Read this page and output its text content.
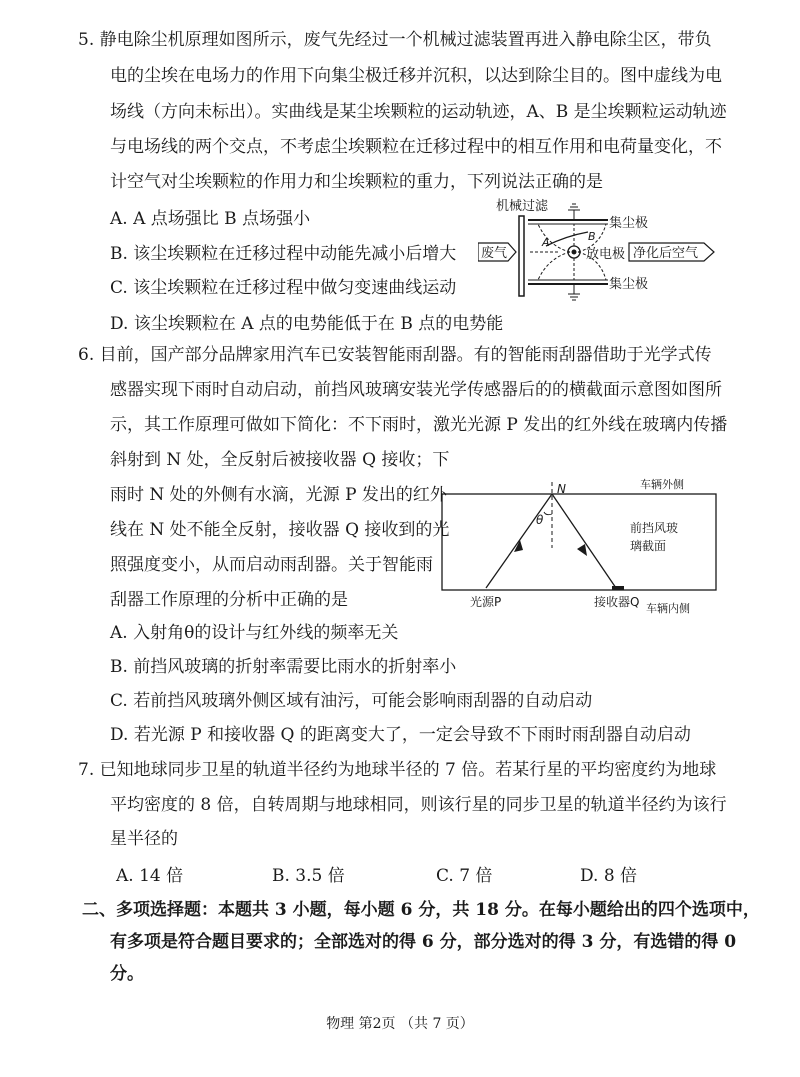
5. 静电除尘机原理如图所示，废气先经过一个机械过滤装置再进入静电除尘区，带负
电的尘埃在电场力的作用下向集尘极迁移并沉积，以达到除尘目的。图中虚线为电
场线（方向未标出）。实曲线是某尘埃颗粒的运动轨迹，A、B 是尘埃颗粒运动轨迹
与电场线的两个交点，不考虑尘埃颗粒在迁移过程中的相互作用和电荷量变化，不
计空气对尘埃颗粒的作用力和尘埃颗粒的重力，下列说法正确的是
A. A 点场强比 B 点场强小
B. 该尘埃颗粒在迁移过程中动能先减小后增大
C. 该尘埃颗粒在迁移过程中做匀变速曲线运动
D. 该尘埃颗粒在 A 点的电势能低于在 B 点的电势能
机械过滤
集尘极
集尘极
A	B
放电极
废气	净化后空气
6. 目前，国产部分品牌家用汽车已安装智能雨刮器。有的智能雨刮器借助于光学式传
感器实现下雨时自动启动，前挡风玻璃安装光学传感器后的的横截面示意图如图所
示，其工作原理可做如下简化：不下雨时，激光光源 P 发出的红外线在玻璃内传播
斜射到 N 处，全反射后被接收器 Q 接收；下
雨时 N 处的外侧有水滴，光源 P 发出的红外
线在 N 处不能全反射，接收器 Q 接收到的光
照强度变小，从而启动雨刮器。关于智能雨
刮器工作原理的分析中正确的是
N
θ
车辆外侧
前挡风玻
璃截面
光源P	接收器Q 车辆内侧
A. 入射角θ的设计与红外线的频率无关
B. 前挡风玻璃的折射率需要比雨水的折射率小
C. 若前挡风玻璃外侧区域有油污，可能会影响雨刮器的自动启动
D. 若光源 P 和接收器 Q 的距离变大了，一定会导致不下雨时雨刮器自动启动
7. 已知地球同步卫星的轨道半径约为地球半径的 7 倍。若某行星的平均密度约为地球
平均密度的 8 倍，自转周期与地球相同，则该行星的同步卫星的轨道半径约为该行
星半径的
A. 14 倍	B. 3.5 倍	C. 7 倍	D. 8 倍
二、多项选择题：本题共 3 小题，每小题 6 分，共 18 分。在每小题给出的四个选项中，
有多项是符合题目要求的；全部选对的得 6 分，部分选对的得 3 分，有选错的得 0
分。
物理 第2页 （共 7 页）
